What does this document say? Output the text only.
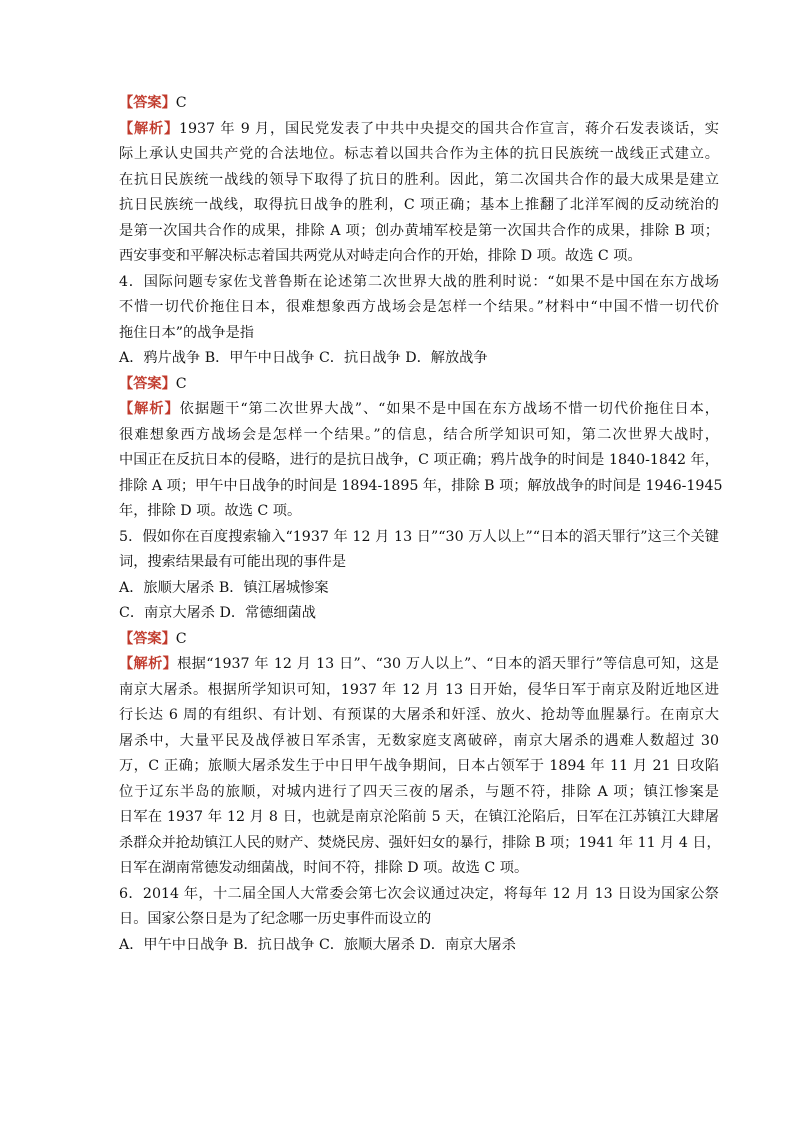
【答案】C
【解析】1937 年 9 月，国民党发表了中共中央提交的国共合作宣言，蒋介石发表谈话，实
际上承认史国共产党的合法地位。标志着以国共合作为主体的抗日民族统一战线正式建立。
在抗日民族统一战线的领导下取得了抗日的胜利。因此，第二次国共合作的最大成果是建立
抗日民族统一战线，取得抗日战争的胜利，C 项正确；基本上推翻了北洋军阀的反动统治的
是第一次国共合作的成果，排除 A 项；创办黄埔军校是第一次国共合作的成果，排除 B 项；
西安事变和平解决标志着国共两党从对峙走向合作的开始，排除 D 项。故选 C 项。
4．国际问题专家佐戈普鲁斯在论述第二次世界大战的胜利时说：“如果不是中国在东方战场
不惜一切代价拖住日本，很难想象西方战场会是怎样一个结果。”材料中“中国不惜一切代价
拖住日本”的战争是指
A．鸦片战争 B．甲午中日战争 C．抗日战争 D．解放战争
【答案】C
【解析】依据题干“第二次世界大战”、“如果不是中国在东方战场不惜一切代价拖住日本，
很难想象西方战场会是怎样一个结果。”的信息，结合所学知识可知，第二次世界大战时，
中国正在反抗日本的侵略，进行的是抗日战争，C 项正确；鸦片战争的时间是 1840-1842 年，
排除 A 项；甲午中日战争的时间是 1894-1895 年，排除 B 项；解放战争的时间是 1946-1945
年，排除 D 项。故选 C 项。
5．假如你在百度搜索输入“1937 年 12 月 13 日”“30 万人以上”“日本的滔天罪行”这三个关键
词，搜索结果最有可能出现的事件是
A．旅顺大屠杀 B．镇江屠城惨案
C．南京大屠杀 D．常德细菌战
【答案】C
【解析】根据“1937 年 12 月 13 日”、“30 万人以上”、“日本的滔天罪行”等信息可知，这是
南京大屠杀。根据所学知识可知，1937 年 12 月 13 日开始，侵华日军于南京及附近地区进
行长达 6 周的有组织、有计划、有预谋的大屠杀和奸淫、放火、抢劫等血腥暴行。在南京大
屠杀中，大量平民及战俘被日军杀害，无数家庭支离破碎，南京大屠杀的遇难人数超过 30
万，C 正确；旅顺大屠杀发生于中日甲午战争期间，日本占领军于 1894 年 11 月 21 日攻陷
位于辽东半岛的旅顺，对城内进行了四天三夜的屠杀，与题不符，排除 A 项；镇江惨案是
日军在 1937 年 12 月 8 日，也就是南京沦陷前 5 天，在镇江沦陷后，日军在江苏镇江大肆屠
杀群众并抢劫镇江人民的财产、焚烧民房、强奸妇女的暴行，排除 B 项；1941 年 11 月 4 日，
日军在湖南常德发动细菌战，时间不符，排除 D 项。故选 C 项。
6．2014 年，十二届全国人大常委会第七次会议通过决定，将每年 12 月 13 日设为国家公祭
日。国家公祭日是为了纪念哪一历史事件而设立的
A．甲午中日战争 B．抗日战争 C．旅顺大屠杀 D．南京大屠杀
